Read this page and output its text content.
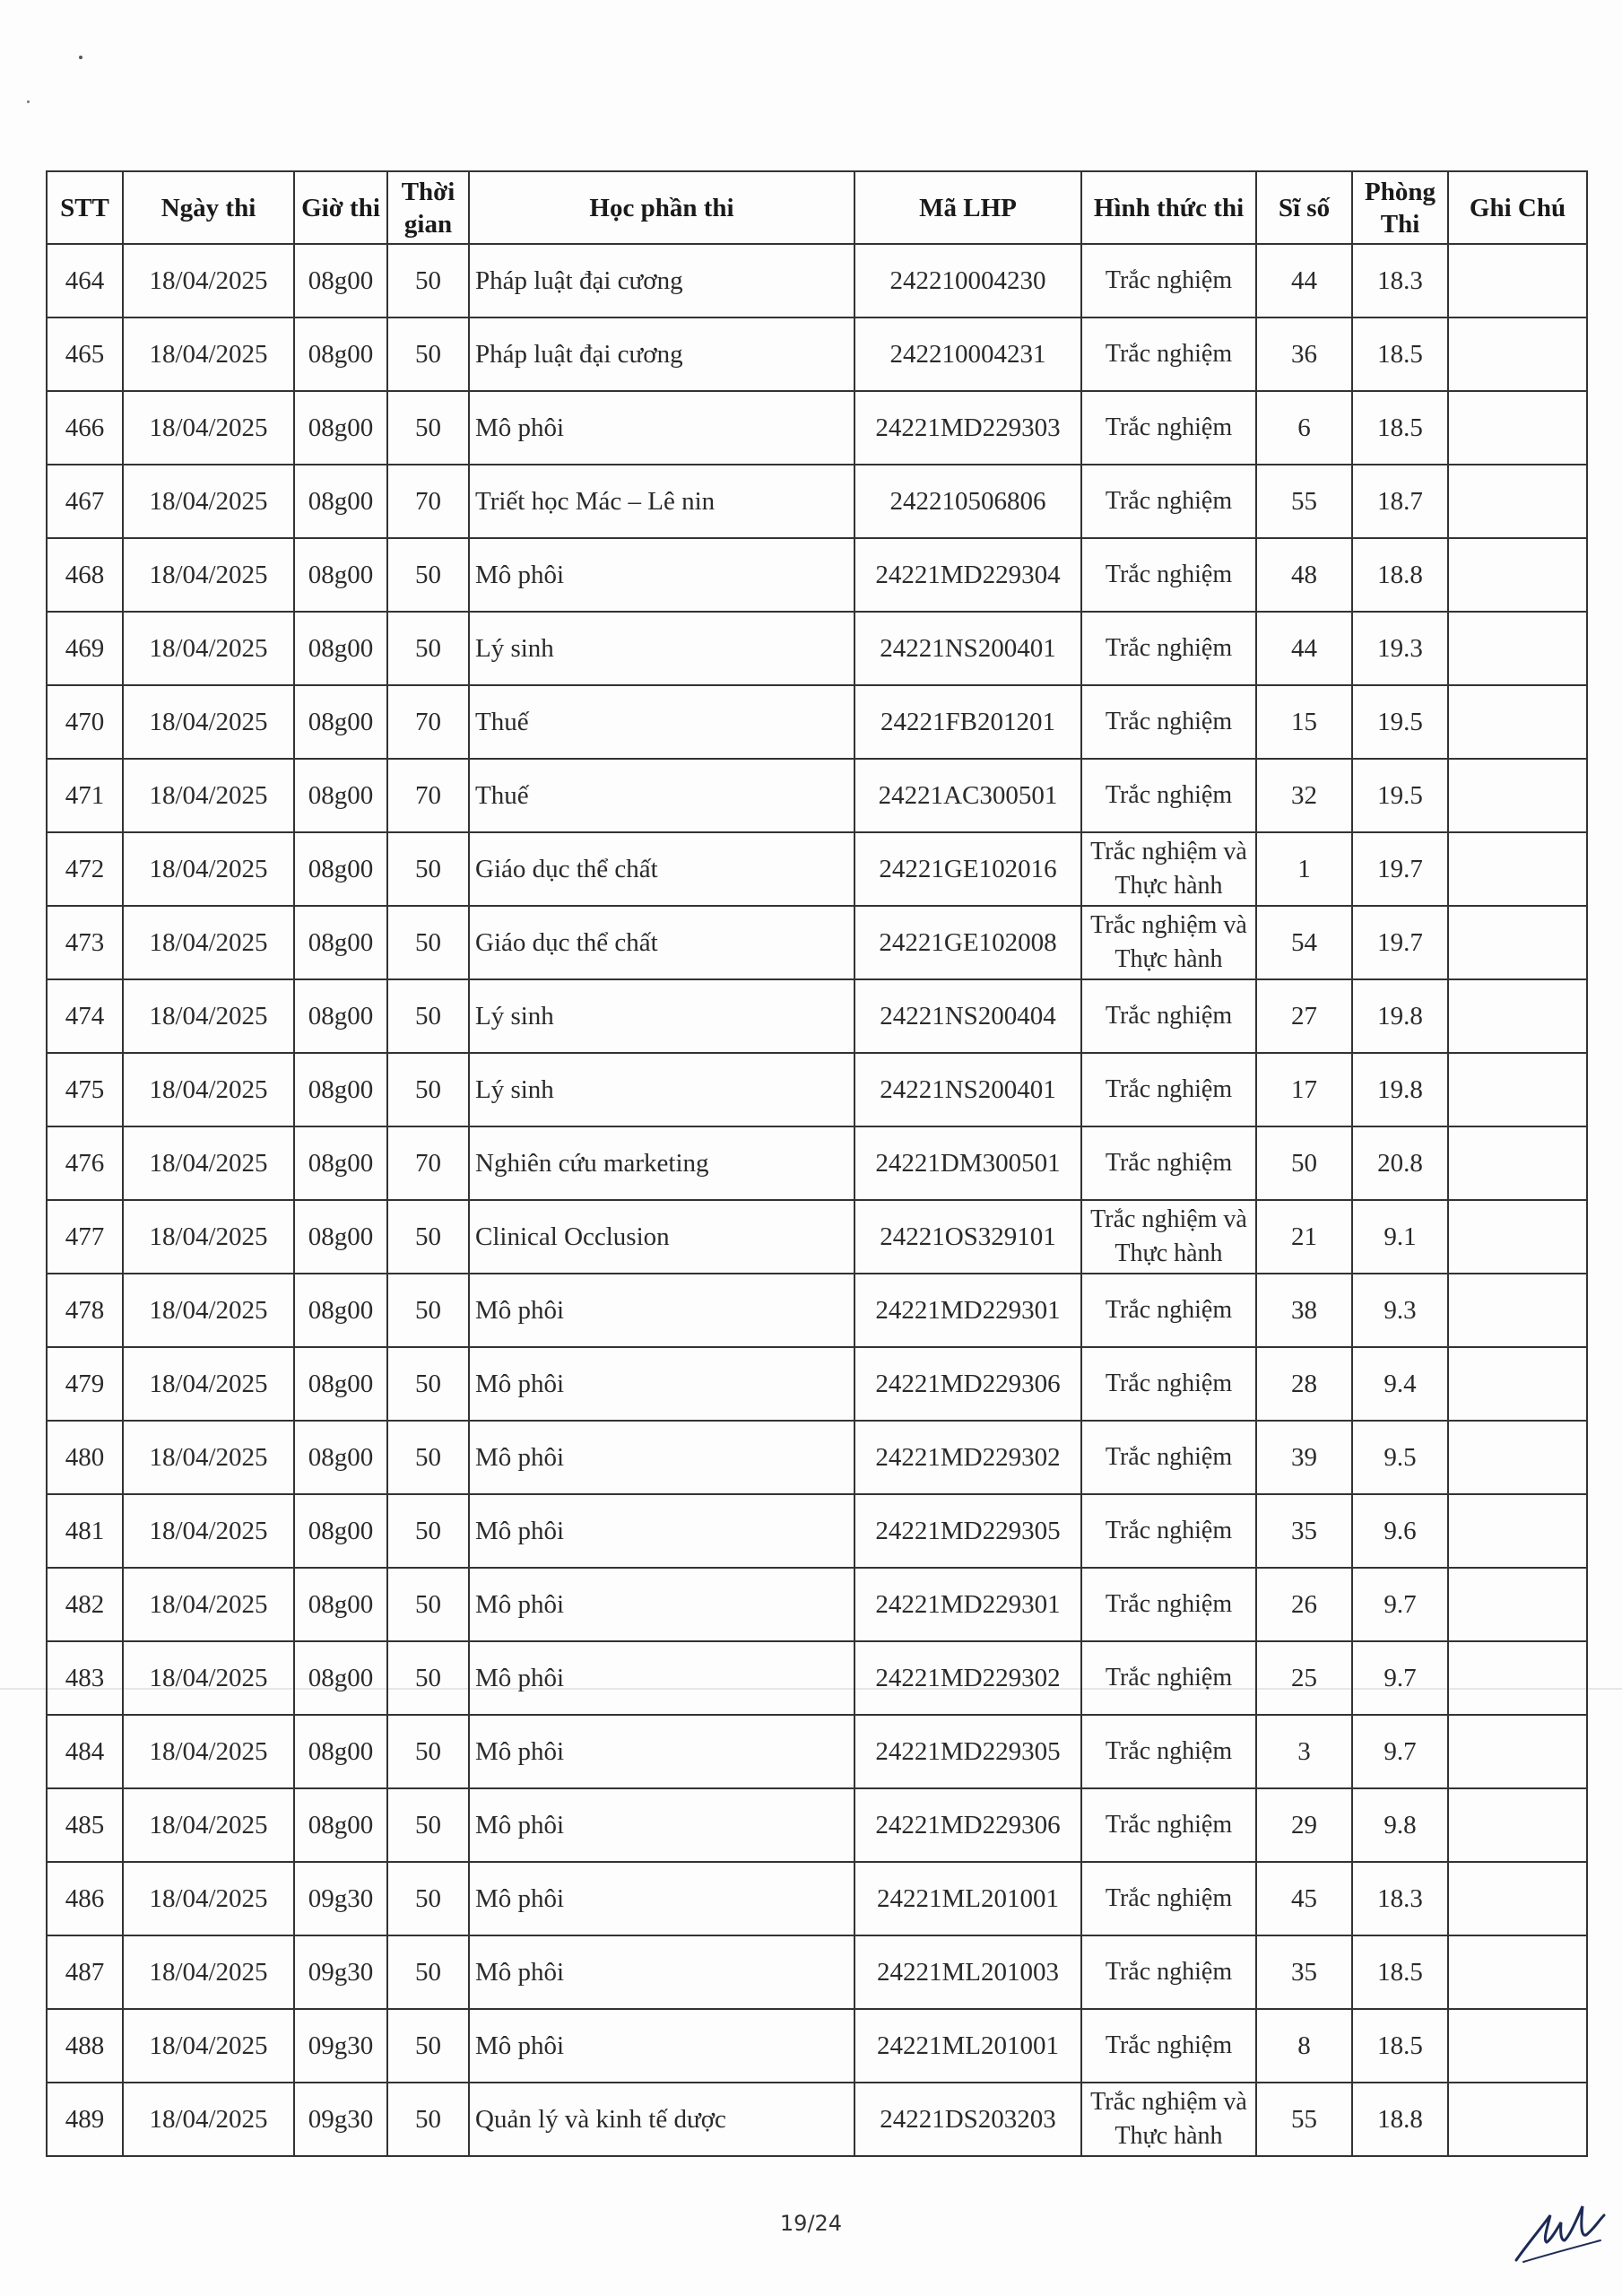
STT	Ngày thi	Giờ thi	Thời gian	Học phần thi	Mã LHP	Hình thức thi	Sĩ số	Phòng Thi	Ghi Chú
464	18/04/2025	08g00	50	Pháp luật đại cương	242210004230	Trắc nghiệm	44	18.3	
465	18/04/2025	08g00	50	Pháp luật đại cương	242210004231	Trắc nghiệm	36	18.5	
466	18/04/2025	08g00	50	Mô phôi	24221MD229303	Trắc nghiệm	6	18.5	
467	18/04/2025	08g00	70	Triết học Mác – Lê nin	242210506806	Trắc nghiệm	55	18.7	
468	18/04/2025	08g00	50	Mô phôi	24221MD229304	Trắc nghiệm	48	18.8	
469	18/04/2025	08g00	50	Lý sinh	24221NS200401	Trắc nghiệm	44	19.3	
470	18/04/2025	08g00	70	Thuế	24221FB201201	Trắc nghiệm	15	19.5	
471	18/04/2025	08g00	70	Thuế	24221AC300501	Trắc nghiệm	32	19.5	
472	18/04/2025	08g00	50	Giáo dục thể chất	24221GE102016	Trắc nghiệm và Thực hành	1	19.7	
473	18/04/2025	08g00	50	Giáo dục thể chất	24221GE102008	Trắc nghiệm và Thực hành	54	19.7	
474	18/04/2025	08g00	50	Lý sinh	24221NS200404	Trắc nghiệm	27	19.8	
475	18/04/2025	08g00	50	Lý sinh	24221NS200401	Trắc nghiệm	17	19.8	
476	18/04/2025	08g00	70	Nghiên cứu marketing	24221DM300501	Trắc nghiệm	50	20.8	
477	18/04/2025	08g00	50	Clinical Occlusion	24221OS329101	Trắc nghiệm và Thực hành	21	9.1	
478	18/04/2025	08g00	50	Mô phôi	24221MD229301	Trắc nghiệm	38	9.3	
479	18/04/2025	08g00	50	Mô phôi	24221MD229306	Trắc nghiệm	28	9.4	
480	18/04/2025	08g00	50	Mô phôi	24221MD229302	Trắc nghiệm	39	9.5	
481	18/04/2025	08g00	50	Mô phôi	24221MD229305	Trắc nghiệm	35	9.6	
482	18/04/2025	08g00	50	Mô phôi	24221MD229301	Trắc nghiệm	26	9.7	
483	18/04/2025	08g00	50	Mô phôi	24221MD229302	Trắc nghiệm	25	9.7	
484	18/04/2025	08g00	50	Mô phôi	24221MD229305	Trắc nghiệm	3	9.7	
485	18/04/2025	08g00	50	Mô phôi	24221MD229306	Trắc nghiệm	29	9.8	
486	18/04/2025	09g30	50	Mô phôi	24221ML201001	Trắc nghiệm	45	18.3	
487	18/04/2025	09g30	50	Mô phôi	24221ML201003	Trắc nghiệm	35	18.5	
488	18/04/2025	09g30	50	Mô phôi	24221ML201001	Trắc nghiệm	8	18.5	
489	18/04/2025	09g30	50	Quản lý và kinh tế dược	24221DS203203	Trắc nghiệm và Thực hành	55	18.8	
19/24
